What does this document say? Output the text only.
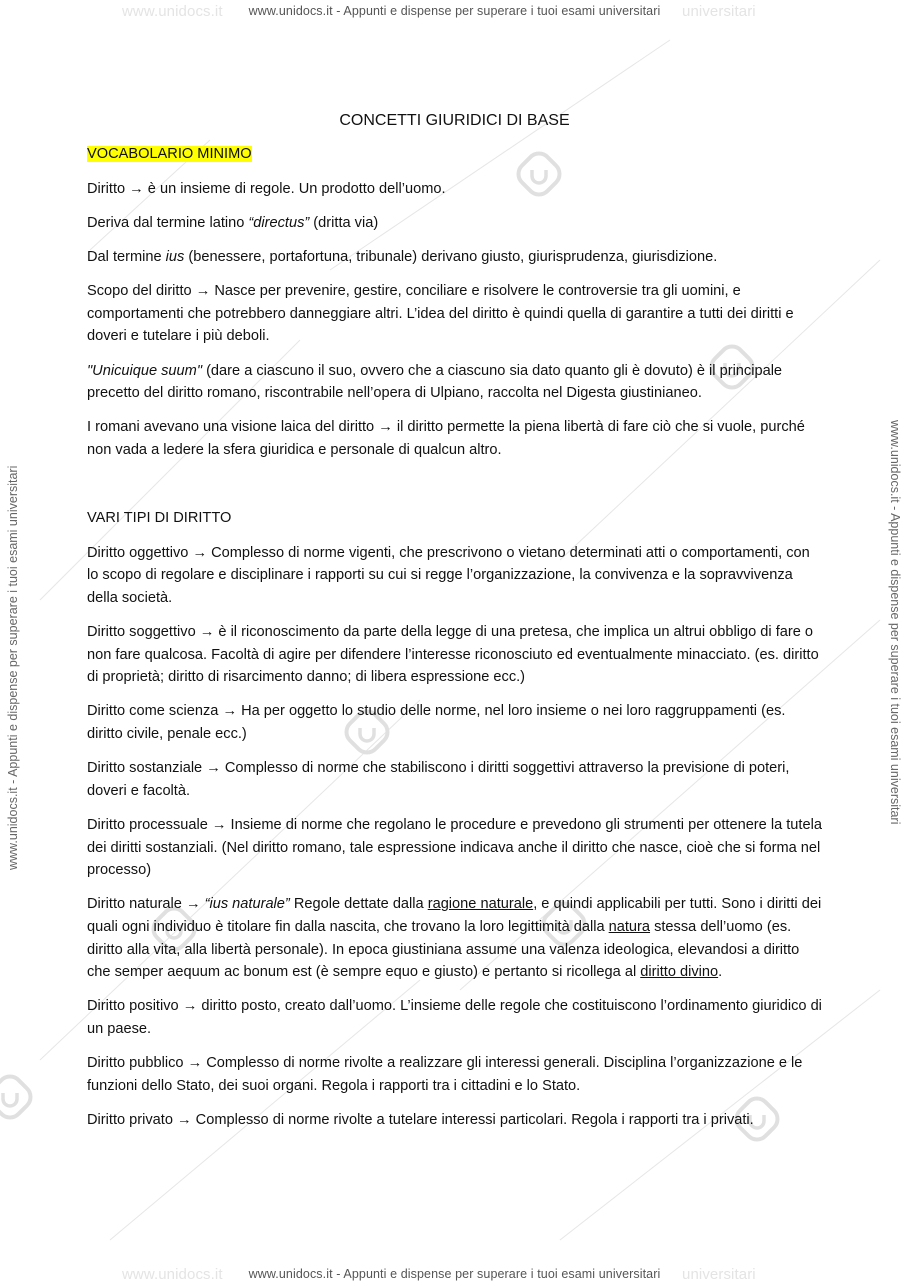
www.unidocs.it www.unidocs.it - Appunti e dispense per superare i tuoi esami universitari universitari
www.unidocs.it www.unidocs.it - Appunti e dispense per superare i tuoi esami universitari universitari
www.unidocs.it - Appunti e dispense per superare i tuoi esami universitari	www.unidocs.it - Appunti e dispense per superare i tuoi esami universitari
CONCETTI GIURIDICI DI BASE
VOCABOLARIO MINIMO

Diritto → è un insieme di regole. Un prodotto dell’uomo.

Deriva dal termine latino “directus” (dritta via)

Dal termine ius (benessere, portafortuna, tribunale) derivano giusto, giurisprudenza, giurisdizione.

Scopo del diritto → Nasce per prevenire, gestire, conciliare e risolvere le controversie tra gli uomini, e comportamenti che potrebbero danneggiare altri. L’idea del diritto è quindi quella di garantire a tutti dei diritti e doveri e tutelare i più deboli.

"Unicuique suum" (dare a ciascuno il suo, ovvero che a ciascuno sia dato quanto gli è dovuto) è il principale precetto del diritto romano, riscontrabile nell’opera di Ulpiano, raccolta nel Digesta giustinianeo.

I romani avevano una visione laica del diritto → il diritto permette la piena libertà di fare ciò che si vuole, purché non vada a ledere la sfera giuridica e personale di qualcun altro.

VARI TIPI DI DIRITTO

Diritto oggettivo → Complesso di norme vigenti, che prescrivono o vietano determinati atti o comportamenti, con lo scopo di regolare e disciplinare i rapporti su cui si regge l’organizzazione, la convivenza e la sopravvivenza della società.

Diritto soggettivo → è il riconoscimento da parte della legge di una pretesa, che implica un altrui obbligo di fare o non fare qualcosa. Facoltà di agire per difendere l’interesse riconosciuto ed eventualmente minacciato. (es. diritto di proprietà; diritto di risarcimento danno; di libera espressione ecc.)

Diritto come scienza → Ha per oggetto lo studio delle norme, nel loro insieme o nei loro raggruppamenti (es. diritto civile, penale ecc.)

Diritto sostanziale → Complesso di norme che stabiliscono i diritti soggettivi attraverso la previsione di poteri, doveri e facoltà.

Diritto processuale → Insieme di norme che regolano le procedure e prevedono gli strumenti per ottenere la tutela dei diritti sostanziali. (Nel diritto romano, tale espressione indicava anche il diritto che nasce, cioè che si forma nel processo)

Diritto naturale → “ius naturale” Regole dettate dalla ragione naturale, e quindi applicabili per tutti. Sono i diritti dei quali ogni individuo è titolare fin dalla nascita, che trovano la loro legittimità dalla natura stessa dell’uomo (es. diritto alla vita, alla libertà personale). In epoca giustiniana assume una valenza ideologica, elevandosi a diritto che semper aequum ac bonum est (è sempre equo e giusto) e pertanto si ricollega al diritto divino.

Diritto positivo → diritto posto, creato dall’uomo. L’insieme delle regole che costituiscono l’ordinamento giuridico di un paese.

Diritto pubblico → Complesso di norme rivolte a realizzare gli interessi generali. Disciplina l’organizzazione e le funzioni dello Stato, dei suoi organi. Regola i rapporti tra i cittadini e lo Stato.

Diritto privato → Complesso di norme rivolte a tutelare interessi particolari. Regola i rapporti tra i privati.
